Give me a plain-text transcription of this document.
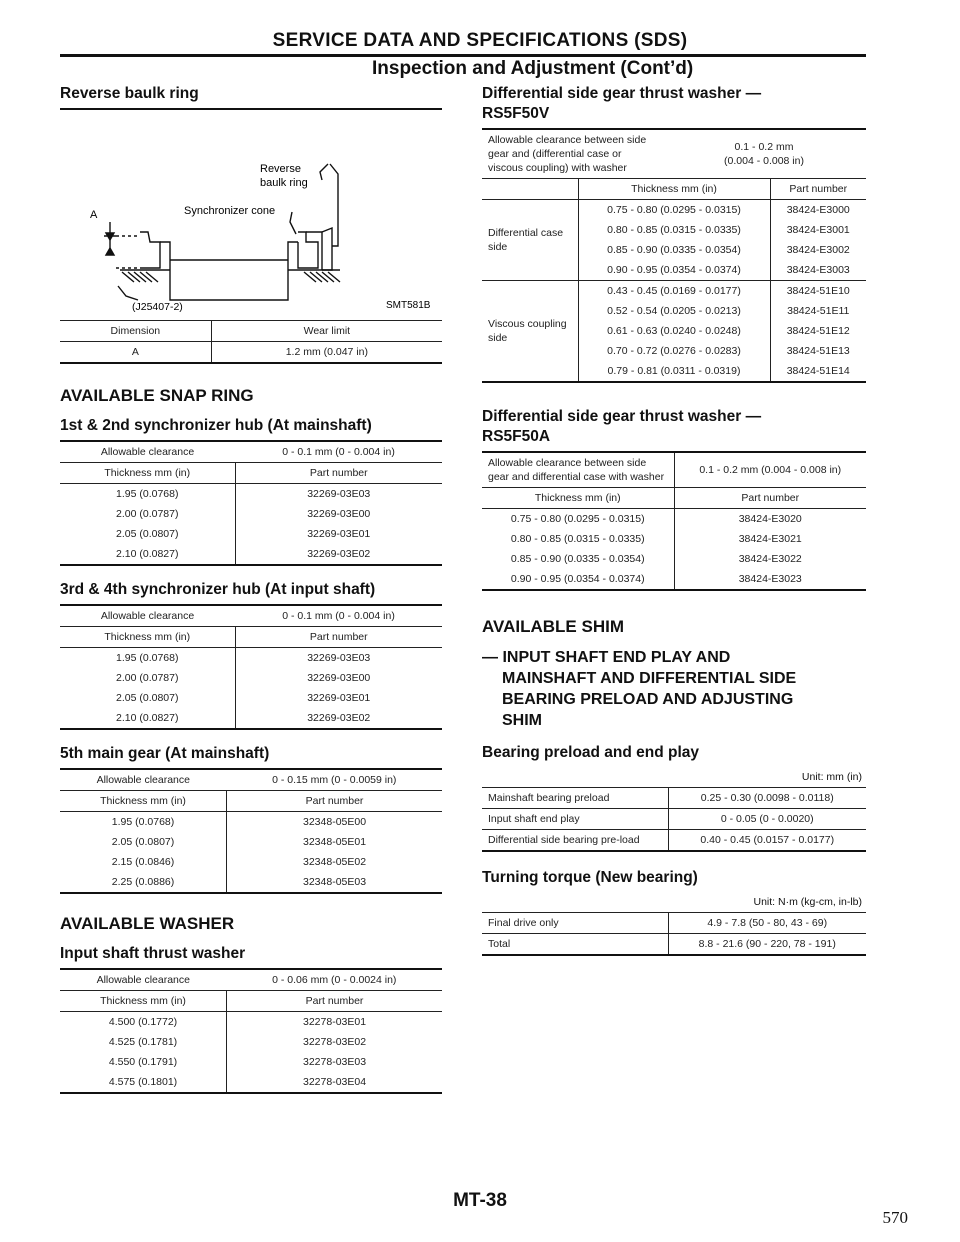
SERVICE DATA AND SPECIFICATIONS (SDS)
Inspection and Adjustment (Cont’d)
Reverse baulk ring
Reverse
baulk ring
Synchronizer cone
A
(J25407-2)	SMT581B
Dimension	Wear limit
A	1.2 mm (0.047 in)
AVAILABLE SNAP RING
1st & 2nd synchronizer hub (At mainshaft)
Allowable clearance	0 - 0.1 mm (0 - 0.004 in)
Thickness mm (in)	Part number
1.95 (0.0768)	32269-03E03
2.00 (0.0787)	32269-03E00
2.05 (0.0807)	32269-03E01
2.10 (0.0827)	32269-03E02
3rd & 4th synchronizer hub (At input shaft)
Allowable clearance	0 - 0.1 mm (0 - 0.004 in)
Thickness mm (in)	Part number
1.95 (0.0768)	32269-03E03
2.00 (0.0787)	32269-03E00
2.05 (0.0807)	32269-03E01
2.10 (0.0827)	32269-03E02
5th main gear (At mainshaft)
Allowable clearance	0 - 0.15 mm (0 - 0.0059 in)
Thickness mm (in)	Part number
1.95 (0.0768)	32348-05E00
2.05 (0.0807)	32348-05E01
2.15 (0.0846)	32348-05E02
2.25 (0.0886)	32348-05E03
AVAILABLE WASHER
Input shaft thrust washer
Allowable clearance	0 - 0.06 mm (0 - 0.0024 in)
Thickness mm (in)	Part number
4.500 (0.1772)	32278-03E01
4.525 (0.1781)	32278-03E02
4.550 (0.1791)	32278-03E03
4.575 (0.1801)	32278-03E04
Differential side gear thrust washer —
RS5F50V
Allowable clearance between side gear and (differential case or viscous coupling) with washer	
0.1 - 0.2 mm
(0.004 - 0.008 in)
	Thickness mm (in)	Part number
Differential case side	0.75 - 0.80 (0.0295 - 0.0315)	38424-E3000
	0.80 - 0.85 (0.0315 - 0.0335)	38424-E3001
	0.85 - 0.90 (0.0335 - 0.0354)	38424-E3002
	0.90 - 0.95 (0.0354 - 0.0374)	38424-E3003
Viscous coupling side	0.43 - 0.45 (0.0169 - 0.0177)	38424-51E10
	0.52 - 0.54 (0.0205 - 0.0213)	38424-51E11
	0.61 - 0.63 (0.0240 - 0.0248)	38424-51E12
	0.70 - 0.72 (0.0276 - 0.0283)	38424-51E13
	0.79 - 0.81 (0.0311 - 0.0319)	38424-51E14
Differential side gear thrust washer —
RS5F50A
Allowable clearance between side gear and differential case with washer	0.1 - 0.2 mm (0.004 - 0.008 in)
Thickness mm (in)	Part number
0.75 - 0.80 (0.0295 - 0.0315)	38424-E3020
0.80 - 0.85 (0.0315 - 0.0335)	38424-E3021
0.85 - 0.90 (0.0335 - 0.0354)	38424-E3022
0.90 - 0.95 (0.0354 - 0.0374)	38424-E3023
AVAILABLE SHIM
— INPUT SHAFT END PLAY AND
MAINSHAFT AND DIFFERENTIAL SIDE
BEARING PRELOAD AND ADJUSTING
SHIM
Bearing preload and end play
Unit: mm (in)
Mainshaft bearing preload	0.25 - 0.30 (0.0098 - 0.0118)
Input shaft end play	0 - 0.05 (0 - 0.0020)
Differential side bearing pre-load	0.40 - 0.45 (0.0157 - 0.0177)
Turning torque (New bearing)
Unit: N·m (kg-cm, in-lb)
Final drive only	4.9 - 7.8 (50 - 80, 43 - 69)
Total	8.8 - 21.6 (90 - 220, 78 - 191)
MT-38
570
